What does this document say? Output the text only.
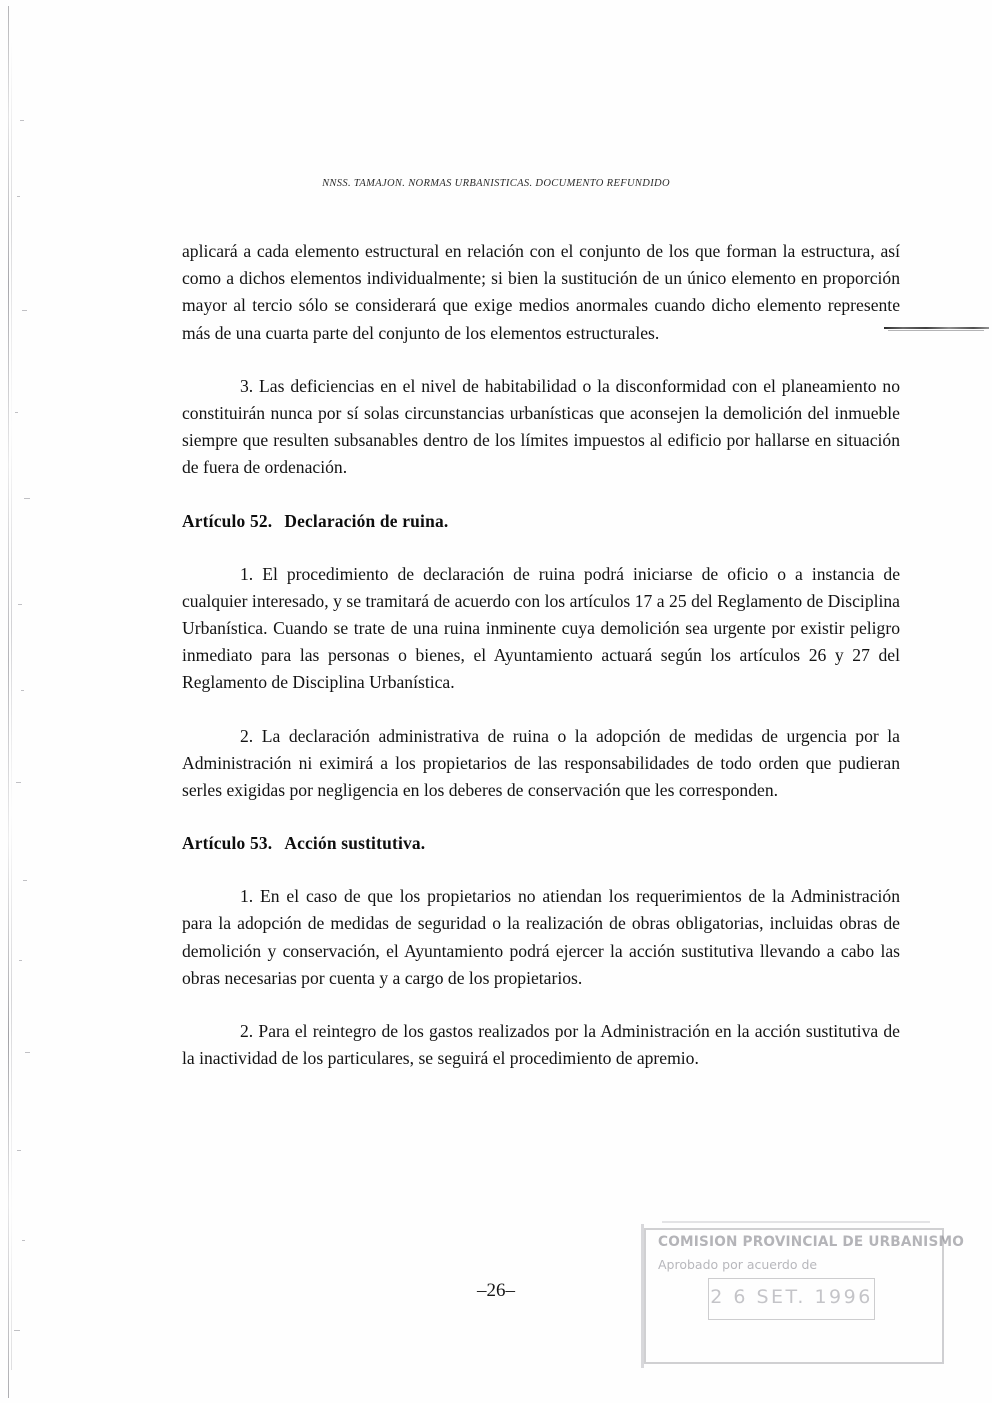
NNSS. TAMAJON. NORMAS URBANISTICAS. DOCUMENTO REFUNDIDO

aplicará a cada elemento estructural en relación con el conjunto de los que forman la estructura, así como a dichos elementos individualmente; si bien la sustitución de un único elemento en proporción mayor al tercio sólo se considerará que exige medios anormales cuando dicho elemento represente más de una cuarta parte del conjunto de los elementos estructurales.

3. Las deficiencias en el nivel de habitabilidad o la disconformidad con el planeamiento no constituirán nunca por sí solas circunstancias urbanísticas que aconsejen la demolición del inmueble siempre que resulten subsanables dentro de los límites impuestos al edificio por hallarse en situación de fuera de ordenación.

Artículo 52. Declaración de ruina.

1. El procedimiento de declaración de ruina podrá iniciarse de oficio o a instancia de cualquier interesado, y se tramitará de acuerdo con los artículos 17 a 25 del Reglamento de Disciplina Urbanística. Cuando se trate de una ruina inminente cuya demolición sea urgente por existir peligro inmediato para las personas o bienes, el Ayuntamiento actuará según los artículos 26 y 27 del Reglamento de Disciplina Urbanística.

2. La declaración administrativa de ruina o la adopción de medidas de urgencia por la Administración ni eximirá a los propietarios de las responsabilidades de todo orden que pudieran serles exigidas por negligencia en los deberes de conservación que les corresponden.

Artículo 53. Acción sustitutiva.

1. En el caso de que los propietarios no atiendan los requerimientos de la Administración para la adopción de medidas de seguridad o la realización de obras obligatorias, incluidas obras de demolición y conservación, el Ayuntamiento podrá ejercer la acción sustitutiva llevando a cabo las obras necesarias por cuenta y a cargo de los propietarios.

2. Para el reintegro de los gastos realizados por la Administración en la acción sustitutiva de la inactividad de los particulares, se seguirá el procedimiento de apremio.

–26–
COMISION PROVINCIAL DE URBANISMO
Aprobado por acuerdo de
2 6 SET. 1996
